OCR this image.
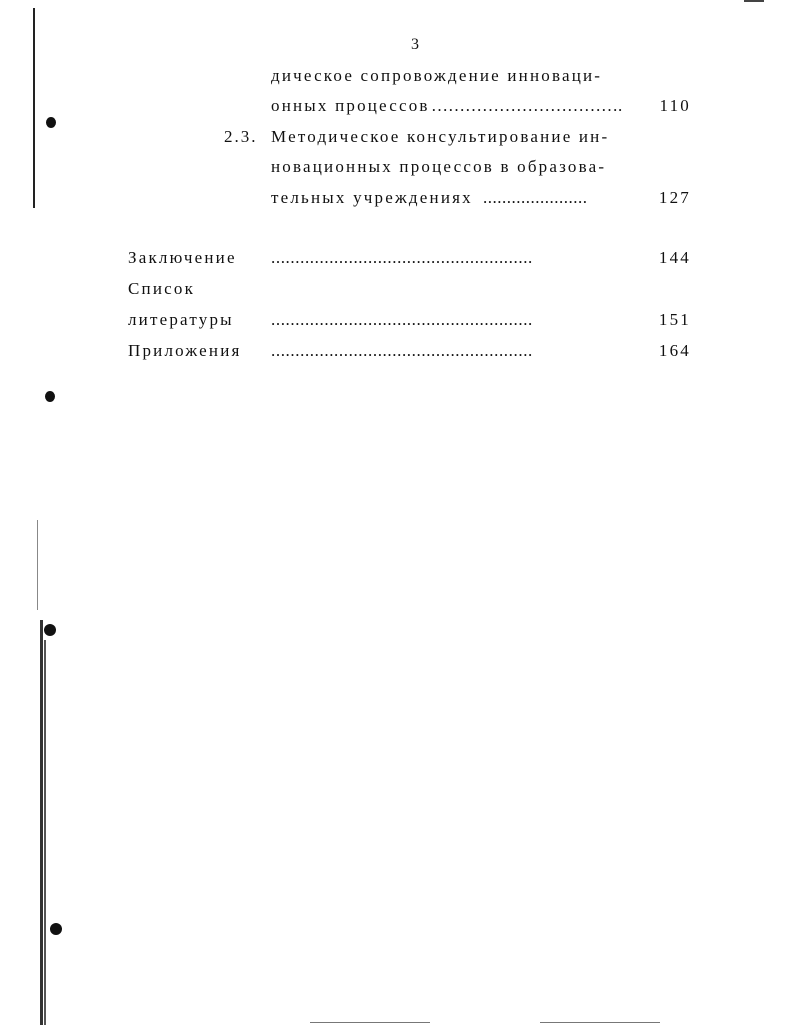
3
дическое сопровождение инноваци-
онных процессов …………………………….	110
2.3. Методическое консультирование ин-
новационных процессов в образова-
тельных учреждениях ......................	127
Заключение ......................................................	144
Список
литературы ......................................................	151
Приложения ......................................................	164
